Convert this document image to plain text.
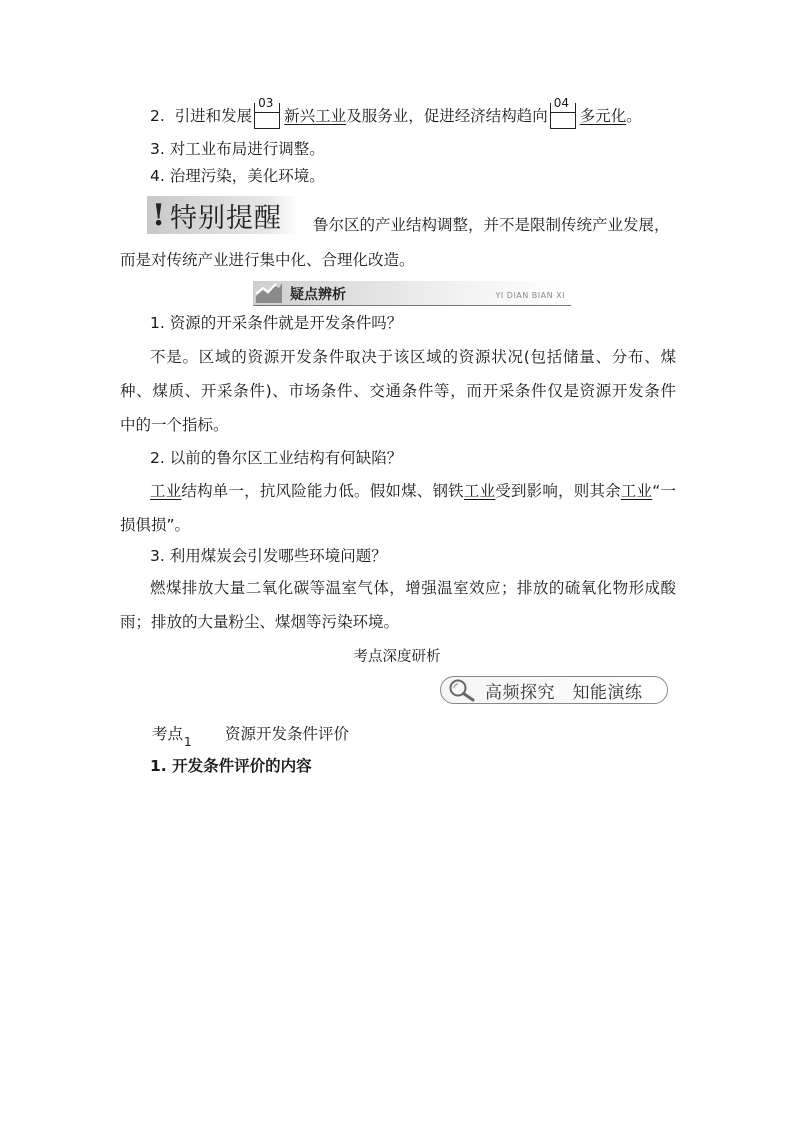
2. 引进和发展
03
新兴工业及服务业，促进经济结构趋向
04
多元化。
3. 对工业布局进行调整。
4. 治理污染，美化环境。
! 特别提醒 鲁尔区的产业结构调整，并不是限制传统产业发展，
而是对传统产业进行集中化、合理化改造。
疑点辨析	YI DIAN BIAN XI
1. 资源的开采条件就是开发条件吗？
不是。区域的资源开发条件取决于该区域的资源状况(包括储量、分布、煤
种、煤质、开采条件)、市场条件、交通条件等，而开采条件仅是资源开发条件
中的一个指标。
2. 以前的鲁尔区工业结构有何缺陷？
工业结构单一，抗风险能力低。假如煤、钢铁工业受到影响，则其余工业“一
损俱损”。
3. 利用煤炭会引发哪些环境问题？
燃煤排放大量二氧化碳等温室气体，增强温室效应；排放的硫氧化物形成酸
雨；排放的大量粉尘、煤烟等污染环境。
考点深度研析
高频探究　知能演练
考点$_1$ 资源开发条件评价
1. 开发条件评价的内容
